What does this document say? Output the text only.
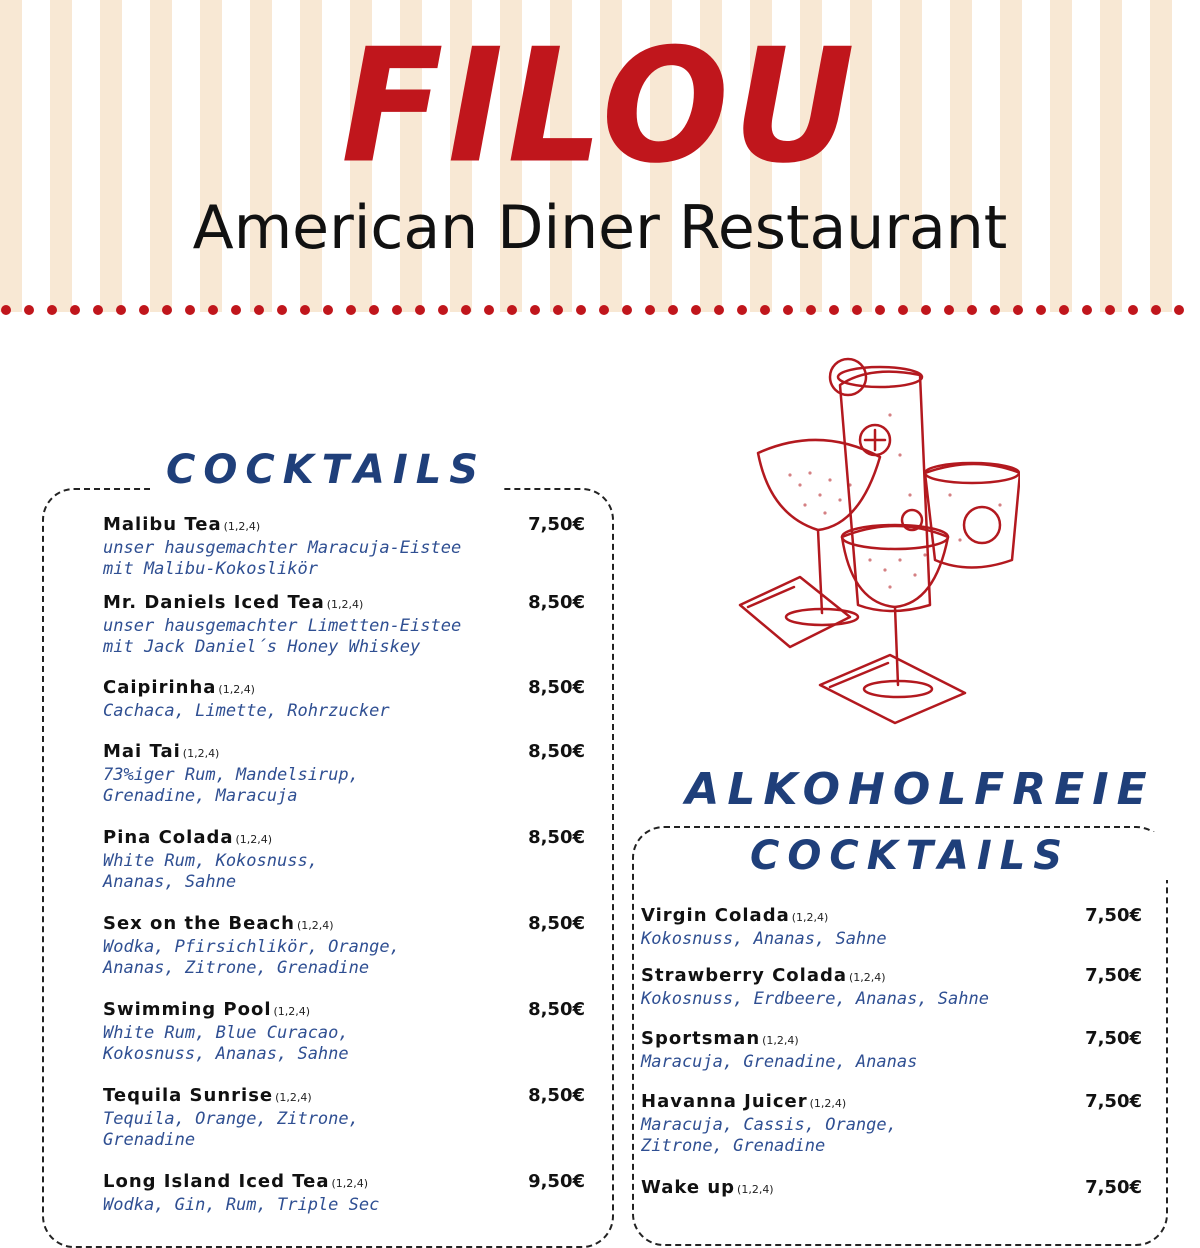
FILOU
American Diner Restaurant
COCKTAILS
Malibu Tea (1,2,4)
unser hausgemachter Maracuja-Eistee
mit Malibu-Kokoslikör
7,50€
Mr. Daniels Iced Tea (1,2,4)
unser hausgemachter Limetten-Eistee
mit Jack Daniel´s Honey Whiskey
8,50€
Caipirinha (1,2,4)
Cachaca, Limette, Rohrzucker
8,50€
Mai Tai (1,2,4)
73%iger Rum, Mandelsirup,
Grenadine, Maracuja
8,50€
Pina Colada (1,2,4)
White Rum, Kokosnuss,
Ananas, Sahne
8,50€
Sex on the Beach (1,2,4)
Wodka, Pfirsichlikör, Orange,
Ananas, Zitrone, Grenadine
8,50€
Swimming Pool (1,2,4)
White Rum, Blue Curacao,
Kokosnuss, Ananas, Sahne
8,50€
Tequila Sunrise (1,2,4)
Tequila, Orange, Zitrone,
Grenadine
8,50€
Long Island Iced Tea (1,2,4)
Wodka, Gin, Rum, Triple Sec
9,50€
ALKOHOLFREIE
COCKTAILS
Virgin Colada (1,2,4)
Kokosnuss, Ananas, Sahne
7,50€
Strawberry Colada (1,2,4)
Kokosnuss, Erdbeere, Ananas, Sahne
7,50€
Sportsman (1,2,4)
Maracuja, Grenadine, Ananas
7,50€
Havanna Juicer (1,2,4)
Maracuja, Cassis, Orange,
Zitrone, Grenadine
7,50€
Wake up (1,2,4)	7,50€
